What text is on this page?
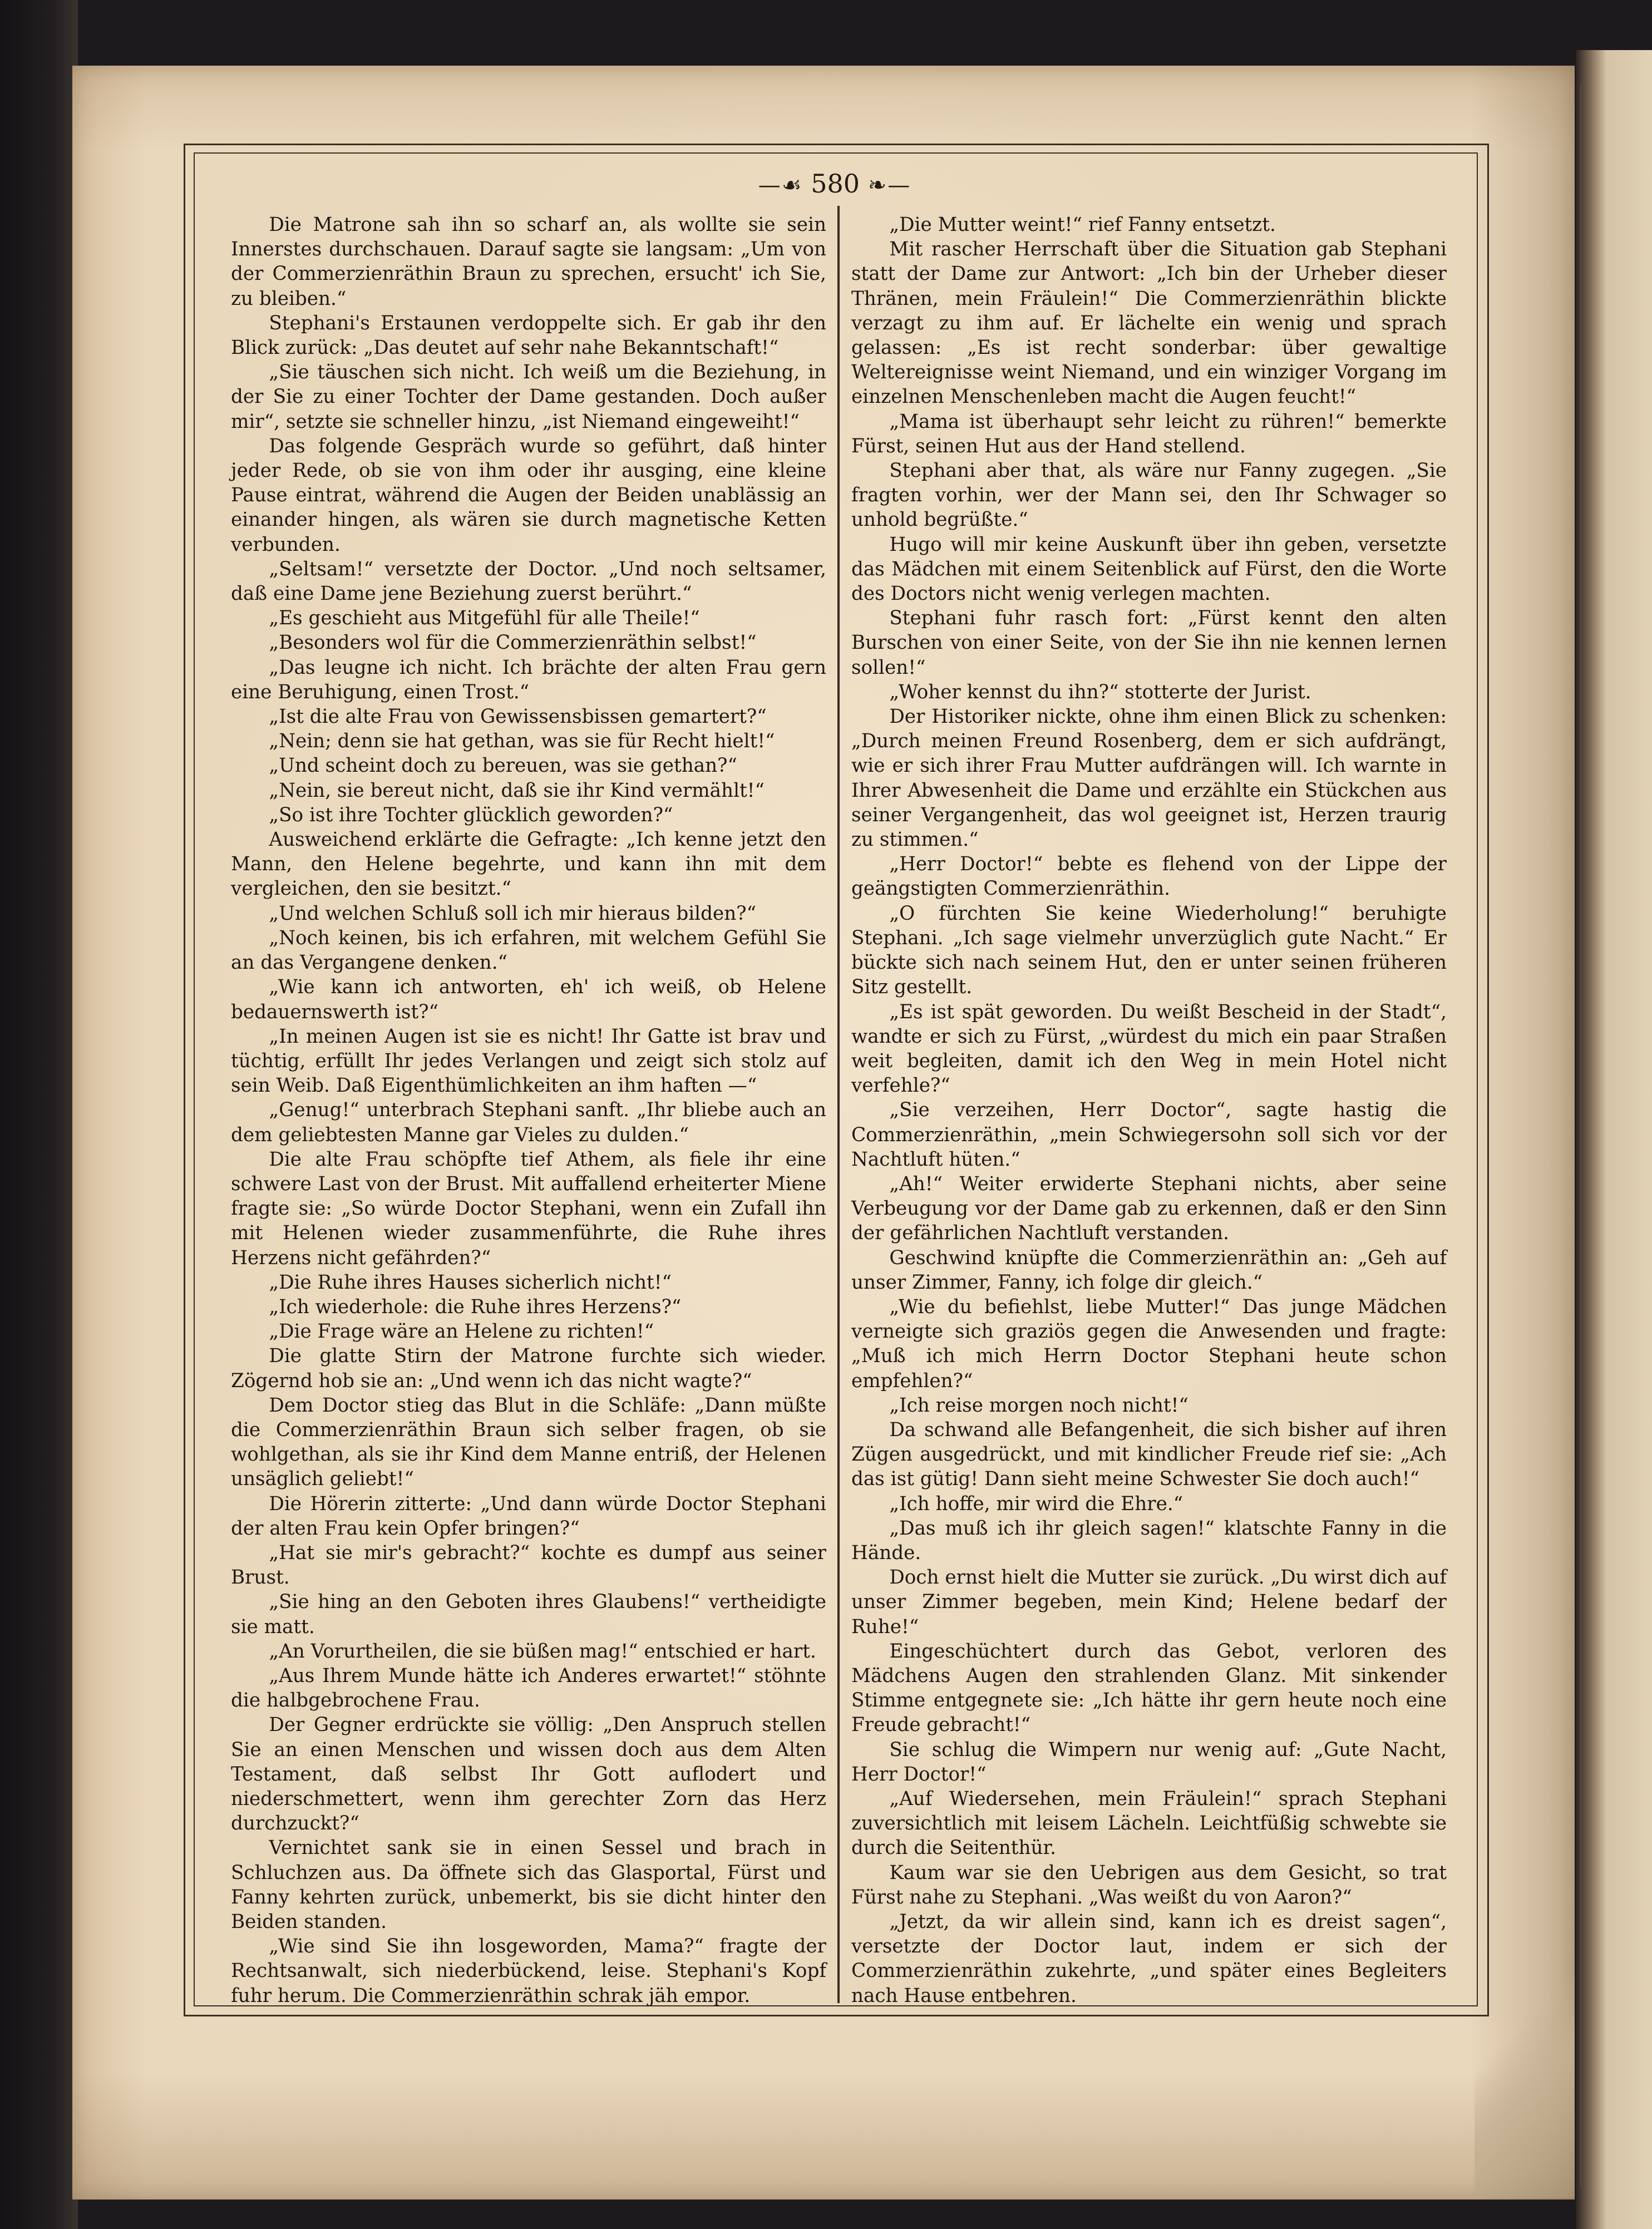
—☙ 580 ❧—

Die Matrone sah ihn so scharf an, als wollte sie sein Innerstes durchschauen. Darauf sagte sie langsam: „Um von der Commerzienräthin Braun zu sprechen, ersucht' ich Sie, zu bleiben.“

Stephani's Erstaunen verdoppelte sich. Er gab ihr den Blick zurück: „Das deutet auf sehr nahe Bekanntschaft!“

„Sie täuschen sich nicht. Ich weiß um die Beziehung, in der Sie zu einer Tochter der Dame gestanden. Doch außer mir“, setzte sie schneller hinzu, „ist Niemand eingeweiht!“

Das folgende Gespräch wurde so geführt, daß hinter jeder Rede, ob sie von ihm oder ihr ausging, eine kleine Pause eintrat, während die Augen der Beiden unablässig an einander hingen, als wären sie durch magnetische Ketten verbunden.

„Seltsam!“ versetzte der Doctor. „Und noch seltsamer, daß eine Dame jene Beziehung zuerst berührt.“

„Es geschieht aus Mitgefühl für alle Theile!“

„Besonders wol für die Commerzienräthin selbst!“

„Das leugne ich nicht. Ich brächte der alten Frau gern eine Beruhigung, einen Trost.“

„Ist die alte Frau von Gewissensbissen gemartert?“

„Nein; denn sie hat gethan, was sie für Recht hielt!“

„Und scheint doch zu bereuen, was sie gethan?“

„Nein, sie bereut nicht, daß sie ihr Kind vermählt!“

„So ist ihre Tochter glücklich geworden?“

Ausweichend erklärte die Gefragte: „Ich kenne jetzt den Mann, den Helene begehrte, und kann ihn mit dem vergleichen, den sie besitzt.“

„Und welchen Schluß soll ich mir hieraus bilden?“

„Noch keinen, bis ich erfahren, mit welchem Gefühl Sie an das Vergangene denken.“

„Wie kann ich antworten, eh' ich weiß, ob Helene bedauernswerth ist?“

„In meinen Augen ist sie es nicht! Ihr Gatte ist brav und tüchtig, erfüllt Ihr jedes Verlangen und zeigt sich stolz auf sein Weib. Daß Eigenthümlichkeiten an ihm haften —“

„Genug!“ unterbrach Stephani sanft. „Ihr bliebe auch an dem geliebtesten Manne gar Vieles zu dulden.“

Die alte Frau schöpfte tief Athem, als fiele ihr eine schwere Last von der Brust. Mit auffallend erheiterter Miene fragte sie: „So würde Doctor Stephani, wenn ein Zufall ihn mit Helenen wieder zusammenführte, die Ruhe ihres Herzens nicht gefährden?“

„Die Ruhe ihres Hauses sicherlich nicht!“

„Ich wiederhole: die Ruhe ihres Herzens?“

„Die Frage wäre an Helene zu richten!“

Die glatte Stirn der Matrone furchte sich wieder. Zögernd hob sie an: „Und wenn ich das nicht wagte?“

Dem Doctor stieg das Blut in die Schläfe: „Dann müßte die Commerzienräthin Braun sich selber fragen, ob sie wohlgethan, als sie ihr Kind dem Manne entriß, der Helenen unsäglich geliebt!“

Die Hörerin zitterte: „Und dann würde Doctor Stephani der alten Frau kein Opfer bringen?“

„Hat sie mir's gebracht?“ kochte es dumpf aus seiner Brust.

„Sie hing an den Geboten ihres Glaubens!“ vertheidigte sie matt.

„An Vorurtheilen, die sie büßen mag!“ entschied er hart.

„Aus Ihrem Munde hätte ich Anderes erwartet!“ stöhnte die halbgebrochene Frau.

Der Gegner erdrückte sie völlig: „Den Anspruch stellen Sie an einen Menschen und wissen doch aus dem Alten Testament, daß selbst Ihr Gott auflodert und niederschmettert, wenn ihm gerechter Zorn das Herz durchzuckt?“

Vernichtet sank sie in einen Sessel und brach in Schluchzen aus. Da öffnete sich das Glasportal, Fürst und Fanny kehrten zurück, unbemerkt, bis sie dicht hinter den Beiden standen.

„Wie sind Sie ihn losgeworden, Mama?“ fragte der Rechtsanwalt, sich niederbückend, leise. Stephani's Kopf fuhr herum. Die Commerzienräthin schrak jäh empor.

„Die Mutter weint!“ rief Fanny entsetzt.

Mit rascher Herrschaft über die Situation gab Stephani statt der Dame zur Antwort: „Ich bin der Urheber dieser Thränen, mein Fräulein!“ Die Commerzienräthin blickte verzagt zu ihm auf. Er lächelte ein wenig und sprach gelassen: „Es ist recht sonderbar: über gewaltige Weltereignisse weint Niemand, und ein winziger Vorgang im einzelnen Menschenleben macht die Augen feucht!“

„Mama ist überhaupt sehr leicht zu rühren!“ bemerkte Fürst, seinen Hut aus der Hand stellend.

Stephani aber that, als wäre nur Fanny zugegen. „Sie fragten vorhin, wer der Mann sei, den Ihr Schwager so unhold begrüßte.“

Hugo will mir keine Auskunft über ihn geben, versetzte das Mädchen mit einem Seitenblick auf Fürst, den die Worte des Doctors nicht wenig verlegen machten.

Stephani fuhr rasch fort: „Fürst kennt den alten Burschen von einer Seite, von der Sie ihn nie kennen lernen sollen!“

„Woher kennst du ihn?“ stotterte der Jurist.

Der Historiker nickte, ohne ihm einen Blick zu schenken: „Durch meinen Freund Rosenberg, dem er sich aufdrängt, wie er sich ihrer Frau Mutter aufdrängen will. Ich warnte in Ihrer Abwesenheit die Dame und erzählte ein Stückchen aus seiner Vergangenheit, das wol geeignet ist, Herzen traurig zu stimmen.“

„Herr Doctor!“ bebte es flehend von der Lippe der geängstigten Commerzienräthin.

„O fürchten Sie keine Wiederholung!“ beruhigte Stephani. „Ich sage vielmehr unverzüglich gute Nacht.“ Er bückte sich nach seinem Hut, den er unter seinen früheren Sitz gestellt.

„Es ist spät geworden. Du weißt Bescheid in der Stadt“, wandte er sich zu Fürst, „würdest du mich ein paar Straßen weit begleiten, damit ich den Weg in mein Hotel nicht verfehle?“

„Sie verzeihen, Herr Doctor“, sagte hastig die Commerzienräthin, „mein Schwiegersohn soll sich vor der Nachtluft hüten.“

„Ah!“ Weiter erwiderte Stephani nichts, aber seine Verbeugung vor der Dame gab zu erkennen, daß er den Sinn der gefährlichen Nachtluft verstanden.

Geschwind knüpfte die Commerzienräthin an: „Geh auf unser Zimmer, Fanny, ich folge dir gleich.“

„Wie du befiehlst, liebe Mutter!“ Das junge Mädchen verneigte sich graziös gegen die Anwesenden und fragte: „Muß ich mich Herrn Doctor Stephani heute schon empfehlen?“

„Ich reise morgen noch nicht!“

Da schwand alle Befangenheit, die sich bisher auf ihren Zügen ausgedrückt, und mit kindlicher Freude rief sie: „Ach das ist gütig! Dann sieht meine Schwester Sie doch auch!“

„Ich hoffe, mir wird die Ehre.“

„Das muß ich ihr gleich sagen!“ klatschte Fanny in die Hände.

Doch ernst hielt die Mutter sie zurück. „Du wirst dich auf unser Zimmer begeben, mein Kind; Helene bedarf der Ruhe!“

Eingeschüchtert durch das Gebot, verloren des Mädchens Augen den strahlenden Glanz. Mit sinkender Stimme entgegnete sie: „Ich hätte ihr gern heute noch eine Freude gebracht!“

Sie schlug die Wimpern nur wenig auf: „Gute Nacht, Herr Doctor!“

„Auf Wiedersehen, mein Fräulein!“ sprach Stephani zuversichtlich mit leisem Lächeln. Leichtfüßig schwebte sie durch die Seitenthür.

Kaum war sie den Uebrigen aus dem Gesicht, so trat Fürst nahe zu Stephani. „Was weißt du von Aaron?“

„Jetzt, da wir allein sind, kann ich es dreist sagen“, versetzte der Doctor laut, indem er sich der Commerzienräthin zukehrte, „und später eines Begleiters nach Hause entbehren.
